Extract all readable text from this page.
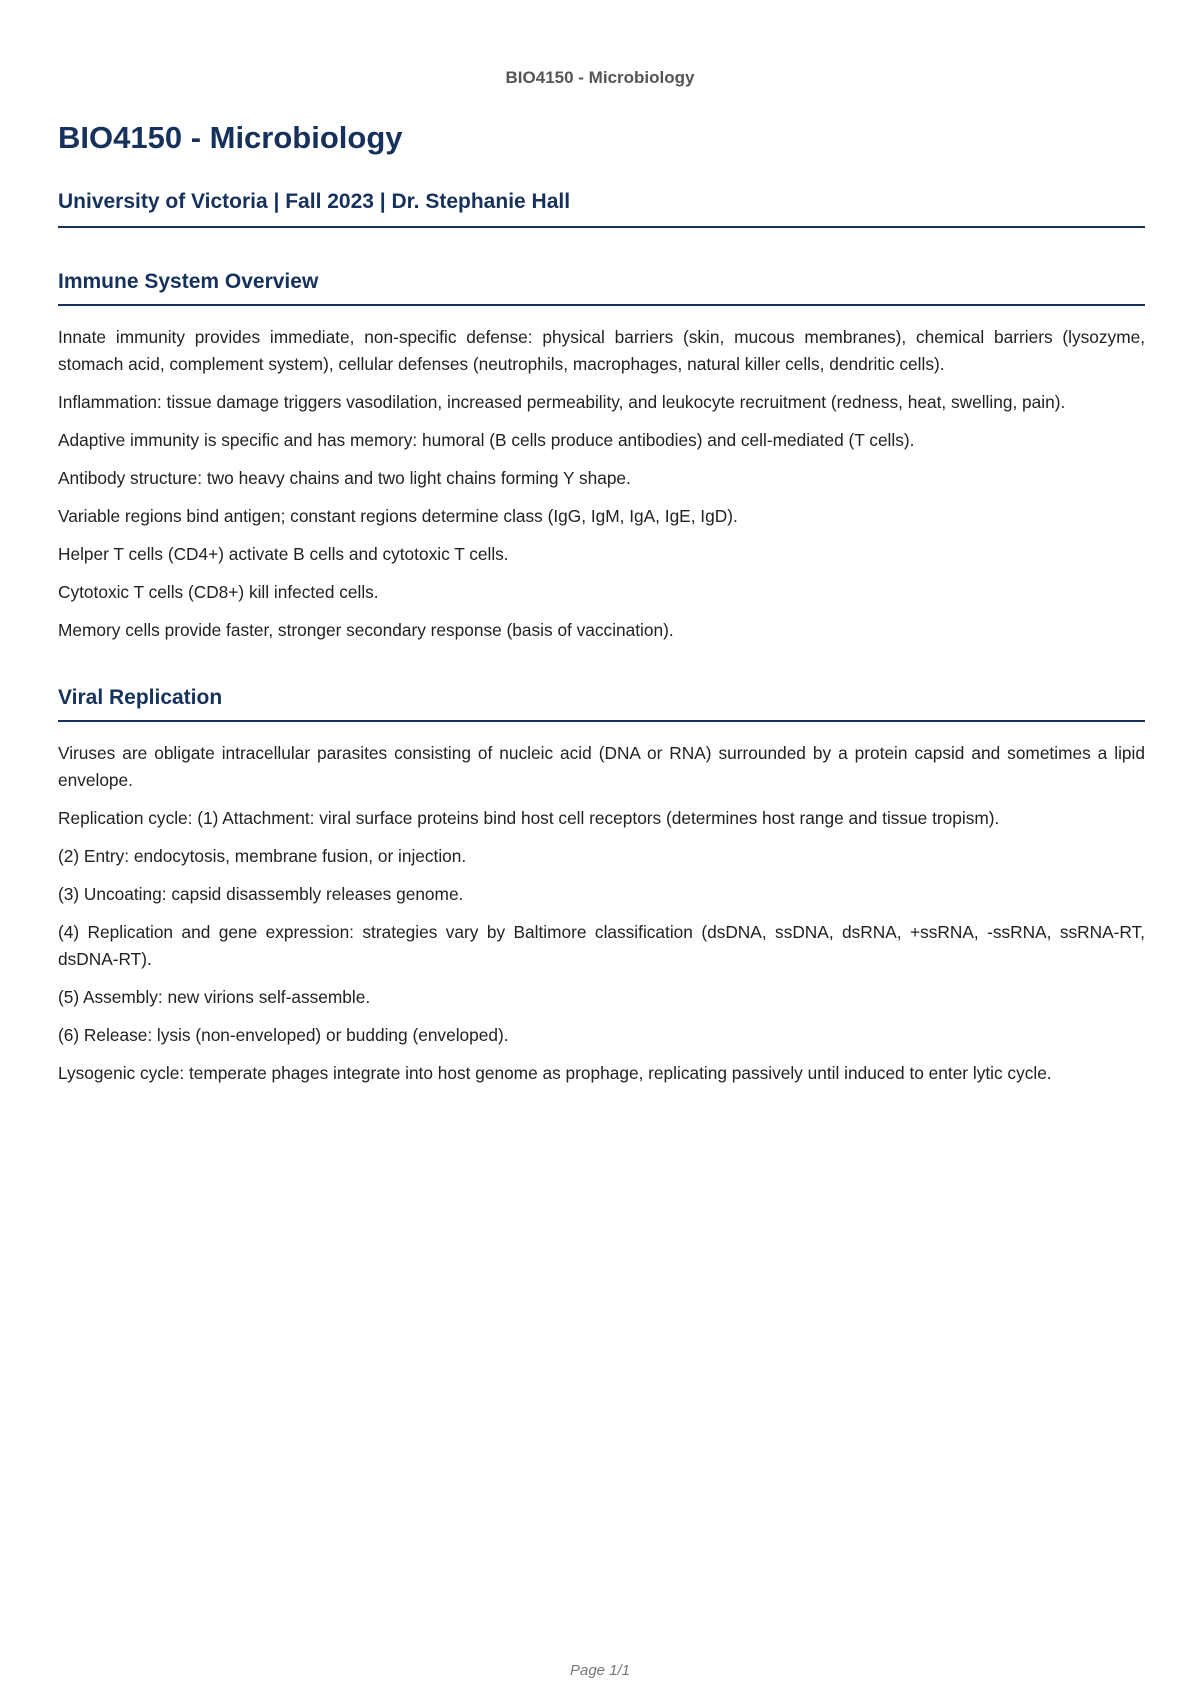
BIO4150 - Microbiology
BIO4150 - Microbiology
University of Victoria | Fall 2023 | Dr. Stephanie Hall
Immune System Overview

Innate immunity provides immediate, non-specific defense: physical barriers (skin, mucous membranes), chemical barriers (lysozyme, stomach acid, complement system), cellular defenses (neutrophils, macrophages, natural killer cells, dendritic cells).

Inflammation: tissue damage triggers vasodilation, increased permeability, and leukocyte recruitment (redness, heat, swelling, pain).

Adaptive immunity is specific and has memory: humoral (B cells produce antibodies) and cell-mediated (T cells).

Antibody structure: two heavy chains and two light chains forming Y shape.

Variable regions bind antigen; constant regions determine class (IgG, IgM, IgA, IgE, IgD).

Helper T cells (CD4+) activate B cells and cytotoxic T cells.

Cytotoxic T cells (CD8+) kill infected cells.

Memory cells provide faster, stronger secondary response (basis of vaccination).

Viral Replication

Viruses are obligate intracellular parasites consisting of nucleic acid (DNA or RNA) surrounded by a protein capsid and sometimes a lipid envelope.

Replication cycle: (1) Attachment: viral surface proteins bind host cell receptors (determines host range and tissue tropism).

(2) Entry: endocytosis, membrane fusion, or injection.

(3) Uncoating: capsid disassembly releases genome.

(4) Replication and gene expression: strategies vary by Baltimore classification (dsDNA, ssDNA, dsRNA, +ssRNA, -ssRNA, ssRNA-RT, dsDNA-RT).

(5) Assembly: new virions self-assemble.

(6) Release: lysis (non-enveloped) or budding (enveloped).

Lysogenic cycle: temperate phages integrate into host genome as prophage, replicating passively until induced to enter lytic cycle.

Page 1/1
